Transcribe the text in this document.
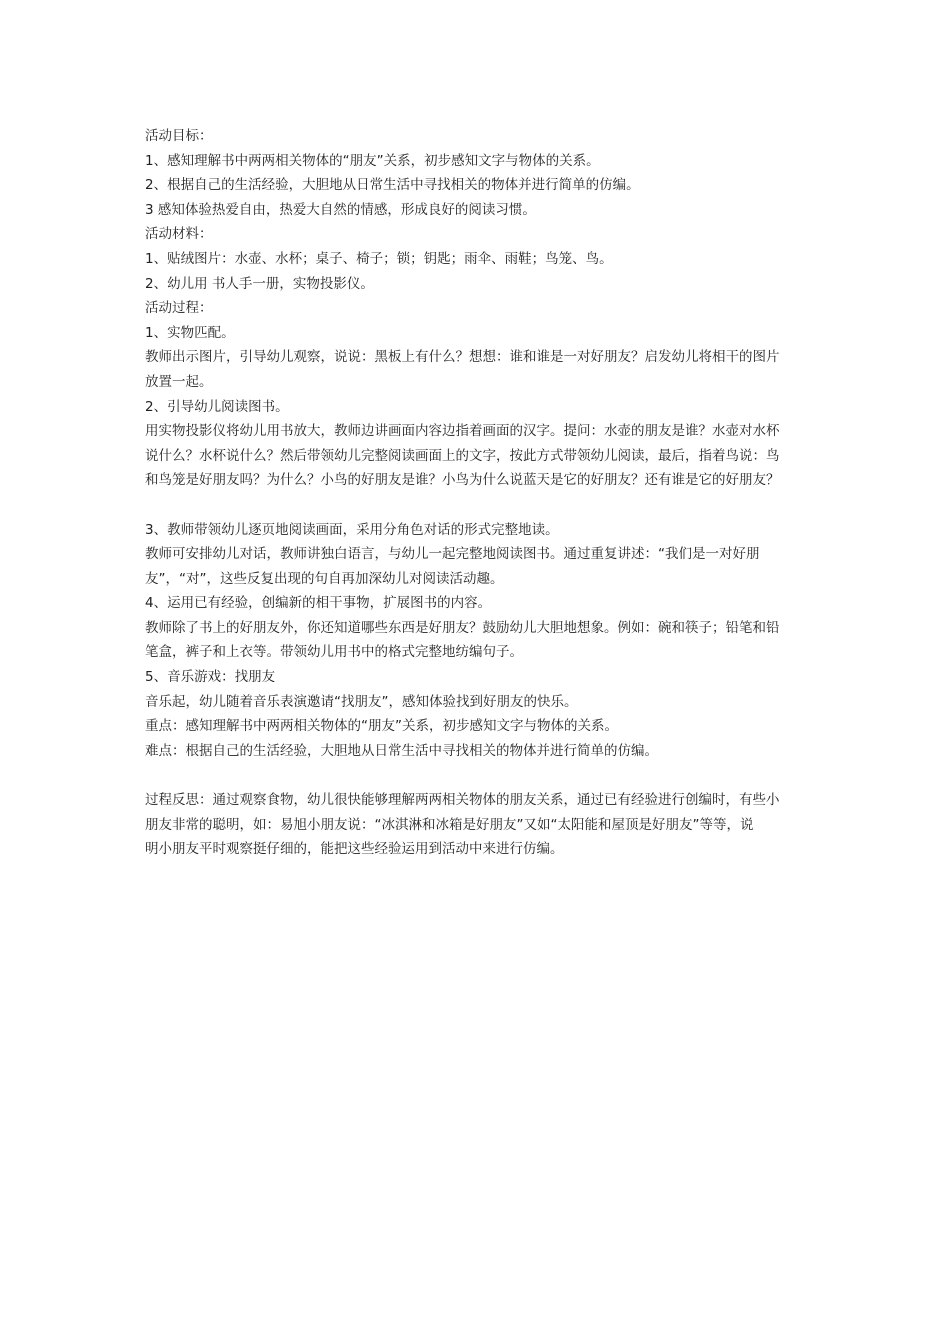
活动目标：
1、感知理解书中两两相关物体的“朋友”关系，初步感知文字与物体的关系。
2、根据自己的生活经验，大胆地从日常生活中寻找相关的物体并进行简单的仿编。
3 感知体验热爱自由，热爱大自然的情感，形成良好的阅读习惯。
活动材料：
1、贴绒图片：水壶、水杯；桌子、椅子；锁；钥匙；雨伞、雨鞋；鸟笼、鸟。
2、幼儿用 书人手一册，实物投影仪。
活动过程：
1、实物匹配。
教师出示图片，引导幼儿观察，说说：黑板上有什么？想想：谁和谁是一对好朋友？启发幼儿将相干的图片
放置一起。
2、引导幼儿阅读图书。
用实物投影仪将幼儿用书放大，教师边讲画面内容边指着画面的汉字。提问：水壶的朋友是谁？水壶对水杯
说什么？水杯说什么？然后带领幼儿完整阅读画面上的文字，按此方式带领幼儿阅读，最后，指着鸟说：鸟
和鸟笼是好朋友吗？为什么？小鸟的好朋友是谁？小鸟为什么说蓝天是它的好朋友？还有谁是它的好朋友？
3、教师带领幼儿逐页地阅读画面，采用分角色对话的形式完整地读。
教师可安排幼儿对话，教师讲独白语言，与幼儿一起完整地阅读图书。通过重复讲述：“我们是一对好朋
友”，“对”，这些反复出现的句自再加深幼儿对阅读活动趣。
4、运用已有经验，创编新的相干事物，扩展图书的内容。
教师除了书上的好朋友外，你还知道哪些东西是好朋友？鼓励幼儿大胆地想象。例如：碗和筷子；铅笔和铅
笔盒，裤子和上衣等。带领幼儿用书中的格式完整地纺编句子。
5、音乐游戏：找朋友
音乐起，幼儿随着音乐表演邀请“找朋友”，感知体验找到好朋友的快乐。
重点：感知理解书中两两相关物体的“朋友”关系，初步感知文字与物体的关系。
难点：根据自己的生活经验，大胆地从日常生活中寻找相关的物体并进行简单的仿编。
过程反思：通过观察食物，幼儿很快能够理解两两相关物体的朋友关系，通过已有经验进行创编时，有些小
朋友非常的聪明，如：易旭小朋友说：“冰淇淋和冰箱是好朋友”又如“太阳能和屋顶是好朋友”等等，说
明小朋友平时观察挺仔细的，能把这些经验运用到活动中来进行仿编。
